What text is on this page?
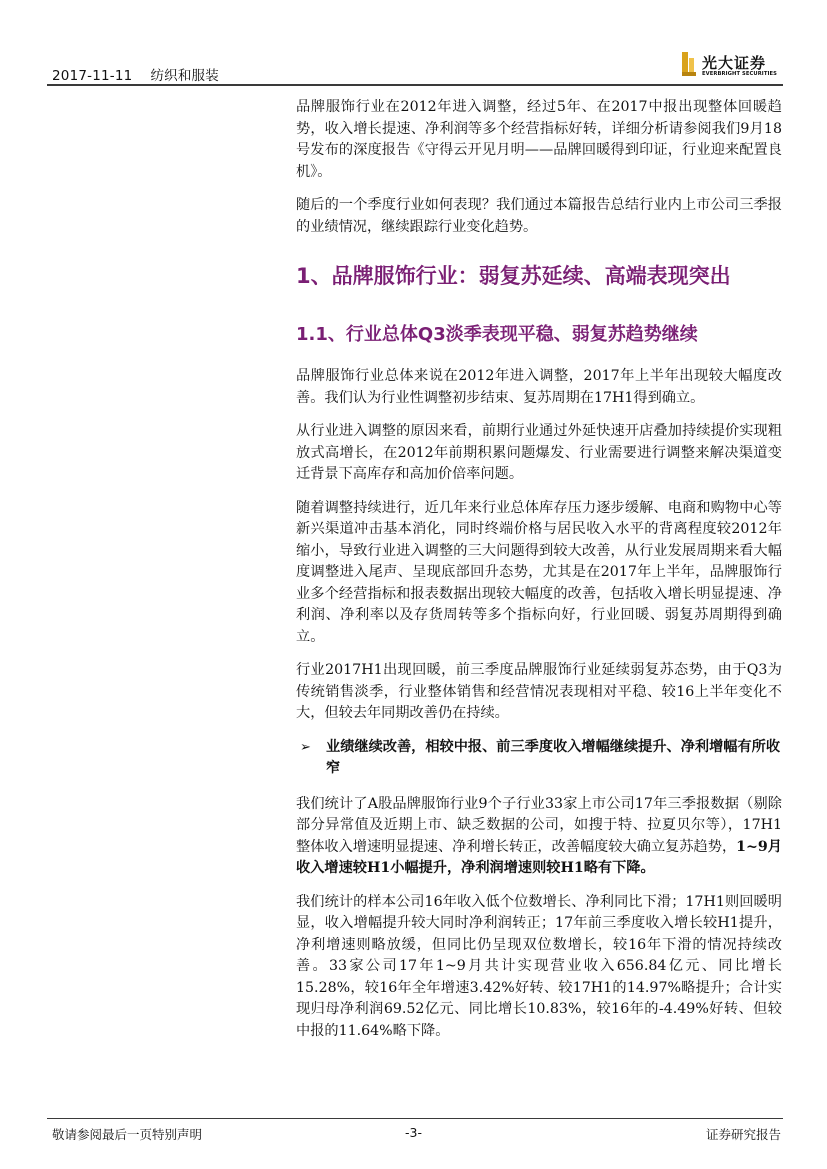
2017-11-11 纺织和服装
光大证券
EVERBRIGHT SECURITIES

品牌服饰行业在2012年进入调整，经过5年、在2017中报出现整体回暖趋势，收入增长提速、净利润等多个经营指标好转，详细分析请参阅我们9月18号发布的深度报告《守得云开见月明——品牌回暖得到印证，行业迎来配置良机》。

随后的一个季度行业如何表现？我们通过本篇报告总结行业内上市公司三季报的业绩情况，继续跟踪行业变化趋势。

1、品牌服饰行业：弱复苏延续、高端表现突出
1.1、行业总体Q3淡季表现平稳、弱复苏趋势继续

品牌服饰行业总体来说在2012年进入调整，2017年上半年出现较大幅度改善。我们认为行业性调整初步结束、复苏周期在17H1得到确立。

从行业进入调整的原因来看，前期行业通过外延快速开店叠加持续提价实现粗放式高增长，在2012年前期积累问题爆发、行业需要进行调整来解决渠道变迁背景下高库存和高加价倍率问题。

随着调整持续进行，近几年来行业总体库存压力逐步缓解、电商和购物中心等新兴渠道冲击基本消化，同时终端价格与居民收入水平的背离程度较2012年缩小，导致行业进入调整的三大问题得到较大改善，从行业发展周期来看大幅度调整进入尾声、呈现底部回升态势，尤其是在2017年上半年，品牌服饰行业多个经营指标和报表数据出现较大幅度的改善，包括收入增长明显提速、净利润、净利率以及存货周转等多个指标向好，行业回暖、弱复苏周期得到确立。

行业2017H1出现回暖，前三季度品牌服饰行业延续弱复苏态势，由于Q3为传统销售淡季，行业整体销售和经营情况表现相对平稳、较16上半年变化不大，但较去年同期改善仍在持续。

➢ 业绩继续改善，相较中报、前三季度收入增幅继续提升、净利增幅有所收窄

我们统计了A股品牌服饰行业9个子行业33家上市公司17年三季报数据（剔除部分异常值及近期上市、缺乏数据的公司，如搜于特、拉夏贝尔等），17H1整体收入增速明显提速、净利增长转正，改善幅度较大确立复苏趋势，1~9月收入增速较H1小幅提升，净利润增速则较H1略有下降。

我们统计的样本公司16年收入低个位数增长、净利同比下滑；17H1则回暖明显，收入增幅提升较大同时净利润转正；17年前三季度收入增长较H1提升，净利增速则略放缓，但同比仍呈现双位数增长，较16年下滑的情况持续改善。33家公司17年1~9月共计实现营业收入656.84亿元、同比增长15.28%，较16年全年增速3.42%好转、较17H1的14.97%略提升；合计实现归母净利润69.52亿元、同比增长10.83%，较16年的-4.49%好转、但较中报的11.64%略下降。

敬请参阅最后一页特别声明	-3-	证券研究报告
